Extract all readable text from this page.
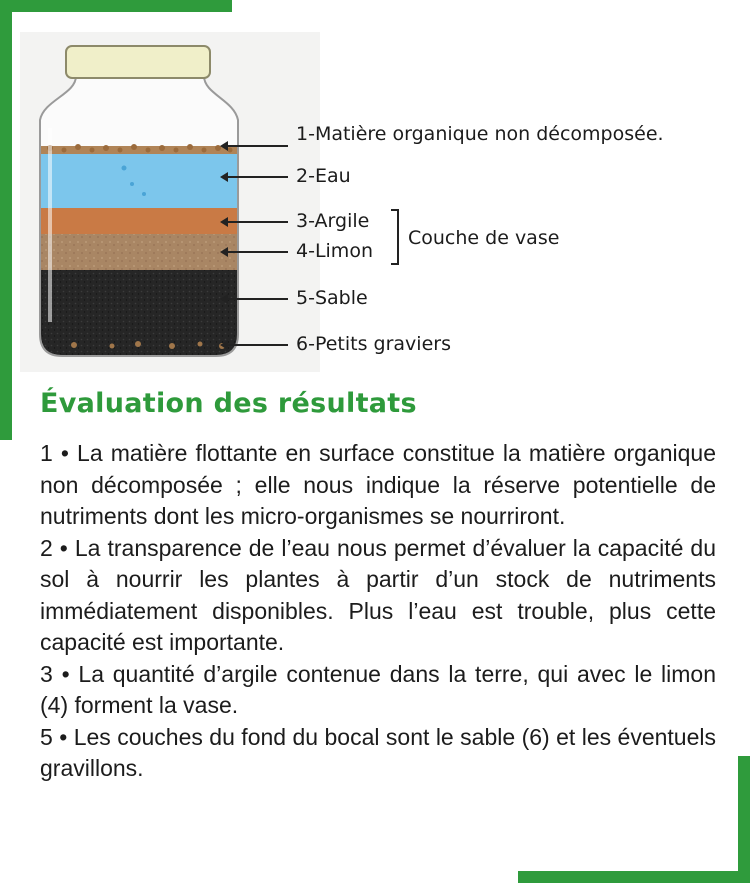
1-Matière organique non décomposée.
2-Eau
3-Argile
4-Limon
5-Sable
6-Petits graviers
Couche de vase
Évaluation des résultats

1 • La matière flottante en surface constitue la matière organique non décomposée ; elle nous indique la réserve potentielle de nutriments dont les micro-organismes se nourriront.

2 • La transparence de l’eau nous permet d’évaluer la capacité du sol à nourrir les plantes à partir d’un stock de nutriments immédiatement disponibles. Plus l’eau est trouble, plus cette capacité est importante.

3 • La quantité d’argile contenue dans la terre, qui avec le limon (4) forment la vase.

5 • Les couches du fond du bocal sont le sable (6) et les éventuels gravillons.
